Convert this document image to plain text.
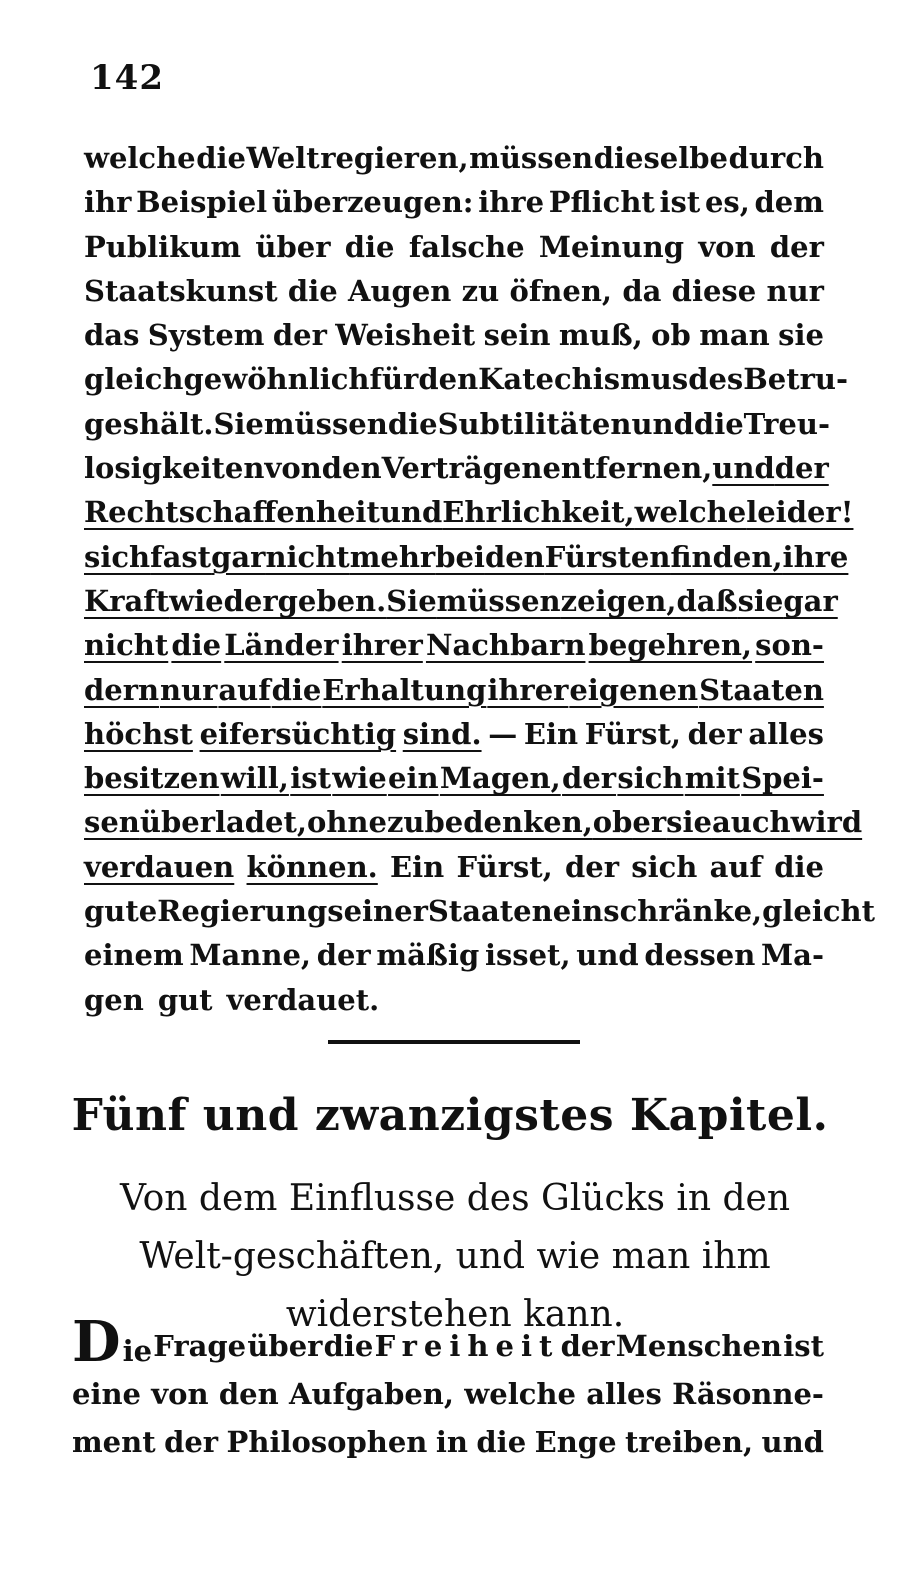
142
welche die Welt regieren, müssen dieselbe durch
ihr Beispiel überzeugen: ihre Pflicht ist es, dem
Publikum über die falsche Meinung von der
Staatskunst die Augen zu öfnen, da diese nur
das System der Weisheit sein muß, ob man sie
gleich gewöhnlich für den Katechismus des Betru-
ges hält. Sie müssen die Subtilitäten und die Treu-
losigkeiten von den Verträgen entfernen, und der
Rechtschaffenheit und Ehrlichkeit, welche leider!
sich fast gar nicht mehr bei den Fürsten finden, ihre
Kraft wiedergeben. Sie müssen zeigen, daß sie gar
nicht die Länder ihrer Nachbarn begehren, son-
dern nur auf die Erhaltung ihrer eigenen Staaten
höchst eifersüchtig sind. — Ein Fürst, der alles
besitzen will, ist wie ein Magen, der sich mit Spei-
sen überladet, ohne zu bedenken, ob er sie auch wird
verdauen können. Ein Fürst, der sich auf die
gute Regierung seiner Staaten einschränke, gleicht
einem Manne, der mäßig isset, und dessen Ma-
gen gut verdauet.
Fünf und zwanzigstes Kapitel.
Von dem Einflusse des Glücks in den Welt-geschäften, und wie man ihm widerstehen kann.
Die Frage über die Freiheit der Menschen ist
eine von den Aufgaben, welche alles Räsonne-
ment der Philosophen in die Enge treiben, und
